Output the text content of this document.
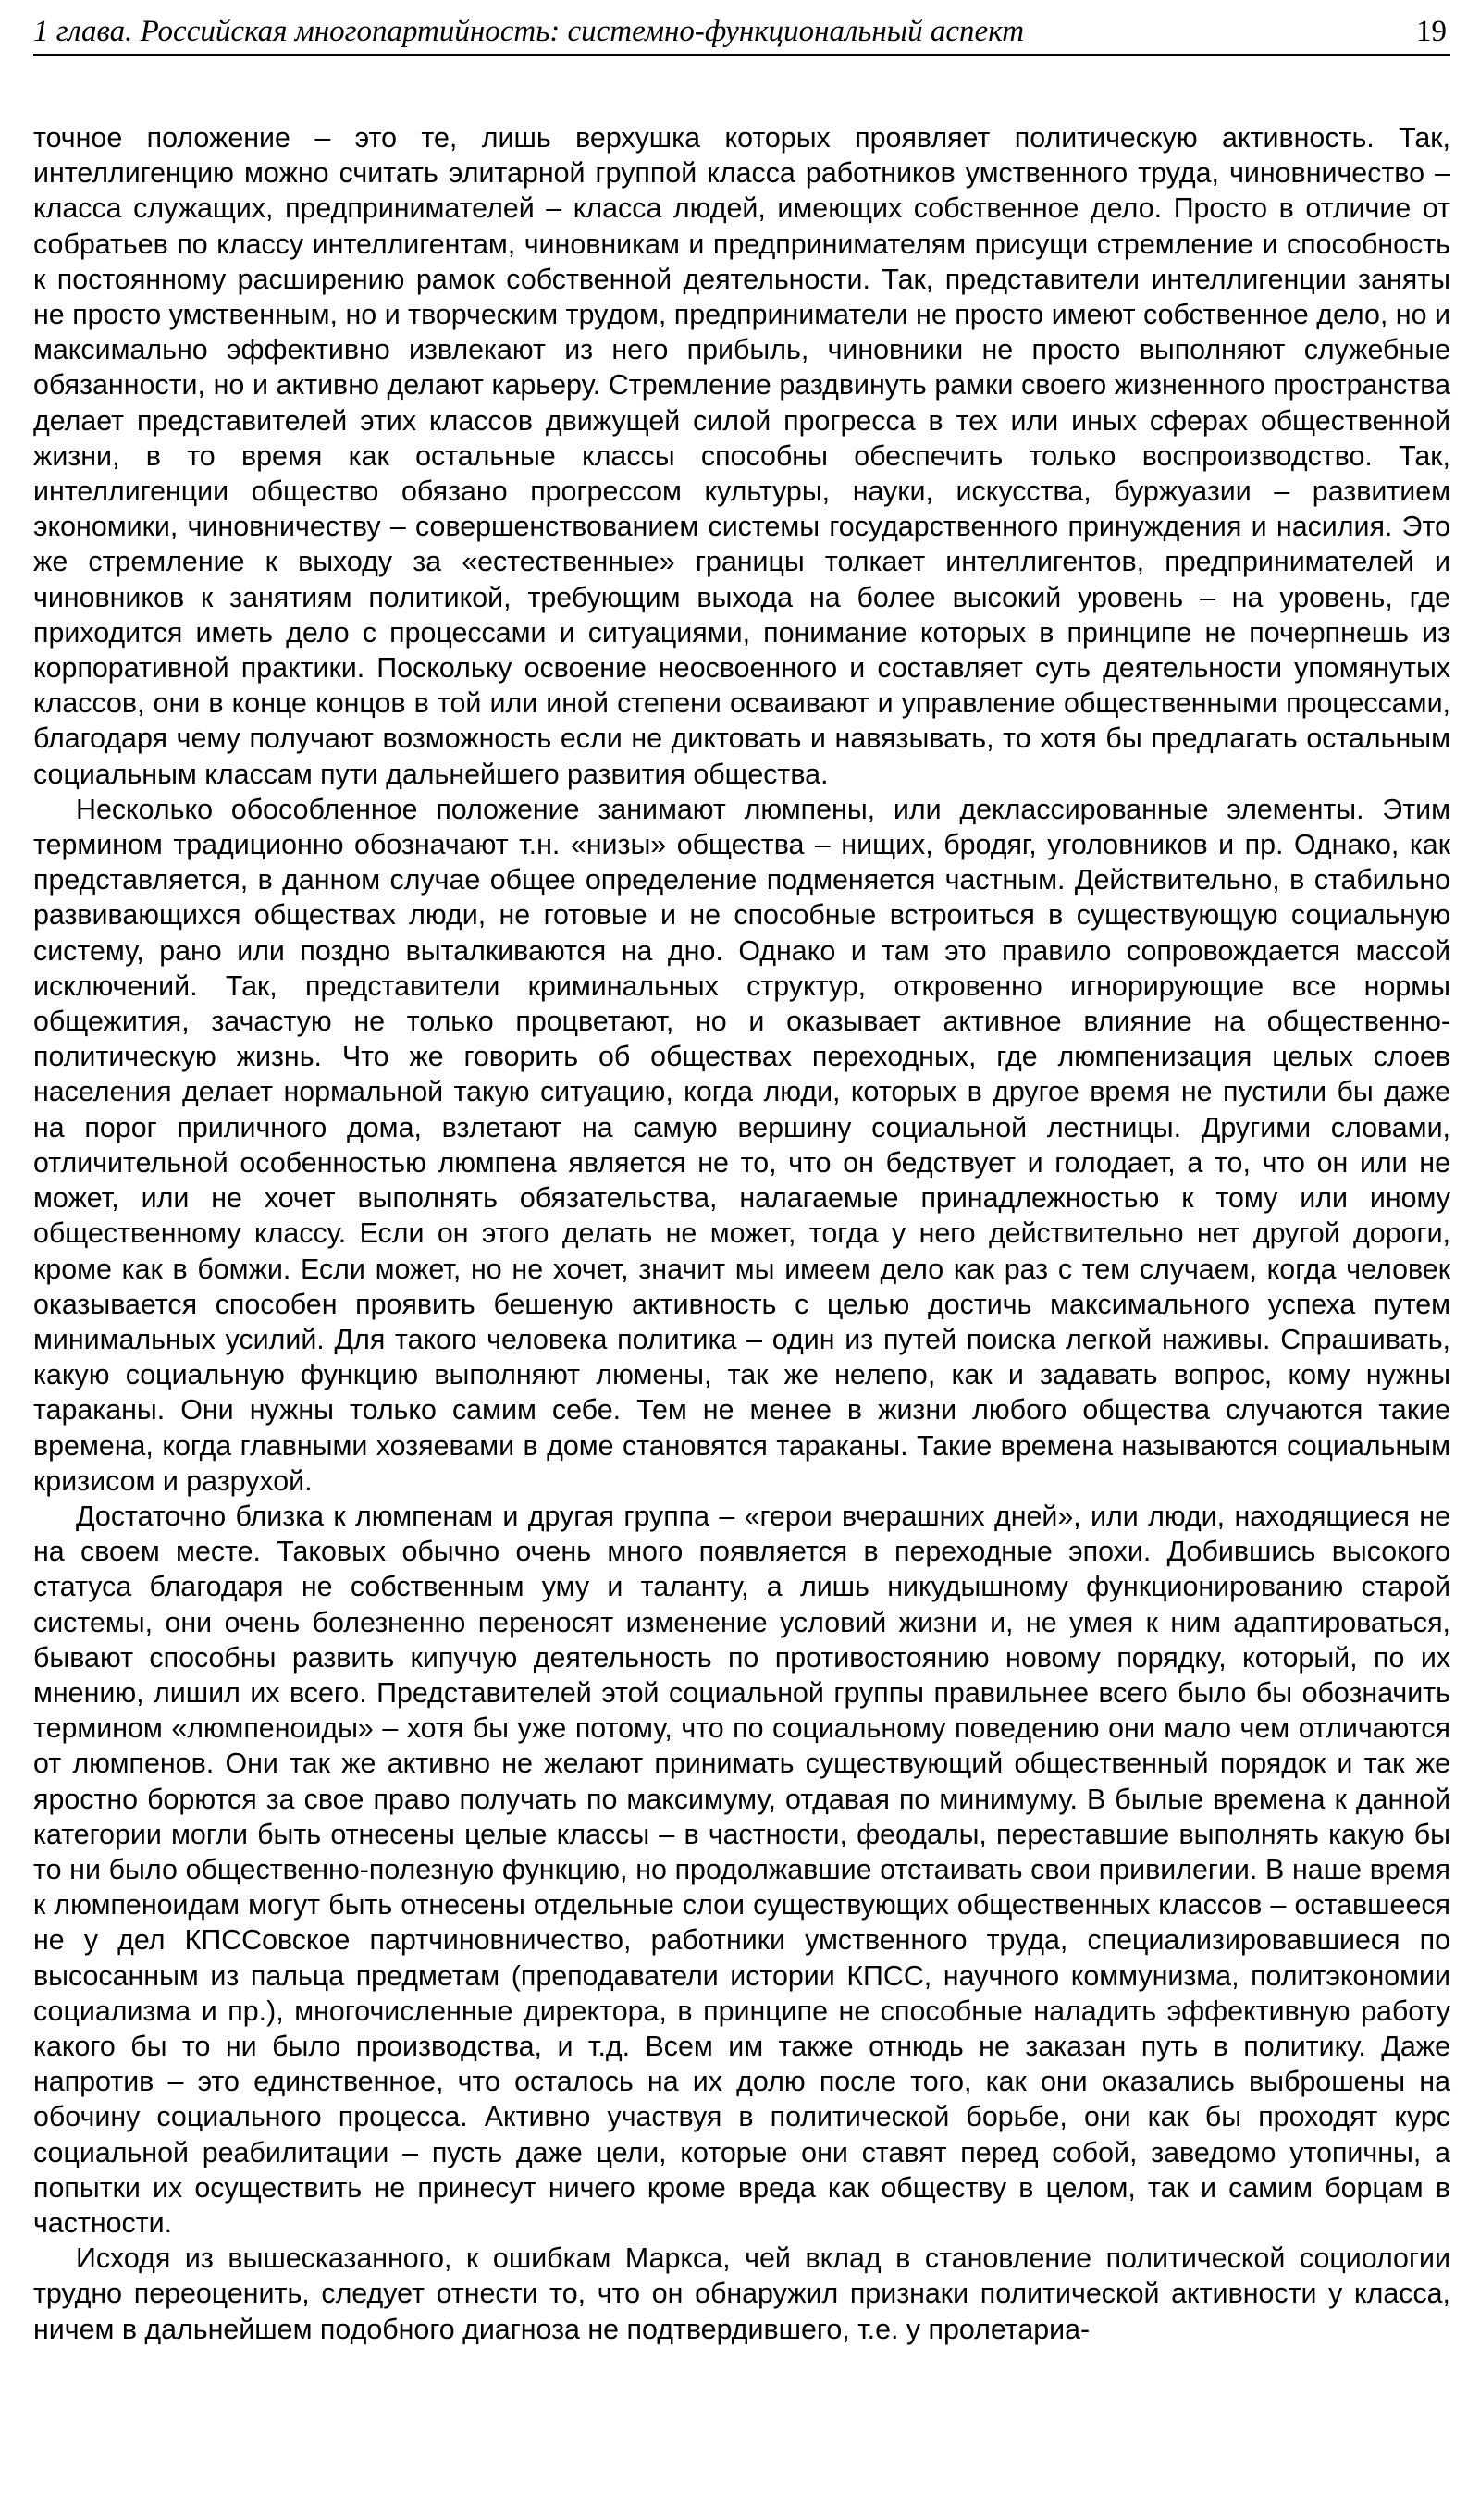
1 глава. Российская многопартийность: системно-функциональный аспект	19

точное положение – это те, лишь верхушка которых проявляет политическую активность. Так, интеллигенцию можно считать элитарной группой класса работников умственного труда, чиновничество – класса служащих, предпринимателей – класса людей, имеющих собственное дело. Просто в отличие от собратьев по классу интеллигентам, чиновникам и предпринимателям присущи стремление и способность к постоянному расширению рамок собственной деятельности. Так, представители интеллигенции заняты не просто умственным, но и творческим трудом, предприниматели не просто имеют собственное дело, но и максимально эффективно извлекают из него прибыль, чиновники не просто выполняют служебные обязанности, но и активно делают карьеру. Стремление раздвинуть рамки своего жизненного пространства делает представителей этих классов движущей силой прогресса в тех или иных сферах общественной жизни, в то время как остальные классы способны обеспечить только воспроизводство. Так, интеллигенции общество обязано прогрессом культуры, науки, искусства, буржуазии – развитием экономики, чиновничеству – совершенствованием системы государственного принуждения и насилия. Это же стремление к выходу за «естественные» границы толкает интеллигентов, предпринимателей и чиновников к занятиям политикой, требующим выхода на более высокий уровень – на уровень, где приходится иметь дело с процессами и ситуациями, понимание которых в принципе не почерпнешь из корпоративной практики. Поскольку освоение неосвоенного и составляет суть деятельности упомянутых классов, они в конце концов в той или иной степени осваивают и управление общественными процессами, благодаря чему получают возможность если не диктовать и навязывать, то хотя бы предлагать остальным социальным классам пути дальнейшего развития общества.

Несколько обособленное положение занимают люмпены, или деклассированные элементы. Этим термином традиционно обозначают т.н. «низы» общества – нищих, бродяг, уголовников и пр. Однако, как представляется, в данном случае общее определение подменяется частным. Действительно, в стабильно развивающихся обществах люди, не готовые и не способные встроиться в существующую социальную систему, рано или поздно выталкиваются на дно. Однако и там это правило сопровождается массой исключений. Так, представители криминальных структур, откровенно игнорирующие все нормы общежития, зачастую не только процветают, но и оказывает активное влияние на общественно-политическую жизнь. Что же говорить об обществах переходных, где люмпенизация целых слоев населения делает нормальной такую ситуацию, когда люди, которых в другое время не пустили бы даже на порог приличного дома, взлетают на самую вершину социальной лестницы. Другими словами, отличительной особенностью люмпена является не то, что он бедствует и голодает, а то, что он или не может, или не хочет выполнять обязательства, налагаемые принадлежностью к тому или иному общественному классу. Если он этого делать не может, тогда у него действительно нет другой дороги, кроме как в бомжи. Если может, но не хочет, значит мы имеем дело как раз с тем случаем, когда человек оказывается способен проявить бешеную активность с целью достичь максимального успеха путем минимальных усилий. Для такого человека политика – один из путей поиска легкой наживы. Спрашивать, какую социальную функцию выполняют люмены, так же нелепо, как и задавать вопрос, кому нужны тараканы. Они нужны только самим себе. Тем не менее в жизни любого общества случаются такие времена, когда главными хозяевами в доме становятся тараканы. Такие времена называются социальным кризисом и разрухой.

Достаточно близка к люмпенам и другая группа – «герои вчерашних дней», или люди, находящиеся не на своем месте. Таковых обычно очень много появляется в переходные эпохи. Добившись высокого статуса благодаря не собственным уму и таланту, а лишь никудышному функционированию старой системы, они очень болезненно переносят изменение условий жизни и, не умея к ним адаптироваться, бывают способны развить кипучую деятельность по противостоянию новому порядку, который, по их мнению, лишил их всего. Представителей этой социальной группы правильнее всего было бы обозначить термином «люмпеноиды» – хотя бы уже потому, что по социальному поведению они мало чем отличаются от люмпенов. Они так же активно не желают принимать существующий общественный порядок и так же яростно борются за свое право получать по максимуму, отдавая по минимуму. В былые времена к данной категории могли быть отнесены целые классы – в частности, феодалы, переставшие выполнять какую бы то ни было общественно-полезную функцию, но продолжавшие отстаивать свои привилегии. В наше время к люмпеноидам могут быть отнесены отдельные слои существующих общественных классов – оставшееся не у дел КПССовское партчиновничество, работники умственного труда, специализировавшиеся по высосанным из пальца предметам (преподаватели истории КПСС, научного коммунизма, политэкономии социализма и пр.), многочисленные директора, в принципе не способные наладить эффективную работу какого бы то ни было производства, и т.д. Всем им также отнюдь не заказан путь в политику. Даже напротив – это единственное, что осталось на их долю после того, как они оказались выброшены на обочину социального процесса. Активно участвуя в политической борьбе, они как бы проходят курс социальной реабилитации – пусть даже цели, которые они ставят перед собой, заведомо утопичны, а попытки их осуществить не принесут ничего кроме вреда как обществу в целом, так и самим борцам в частности.

Исходя из вышесказанного, к ошибкам Маркса, чей вклад в становление политической социологии трудно переоценить, следует отнести то, что он обнаружил признаки политической активности у класса, ничем в дальнейшем подобного диагноза не подтвердившего, т.е. у пролетариа-
